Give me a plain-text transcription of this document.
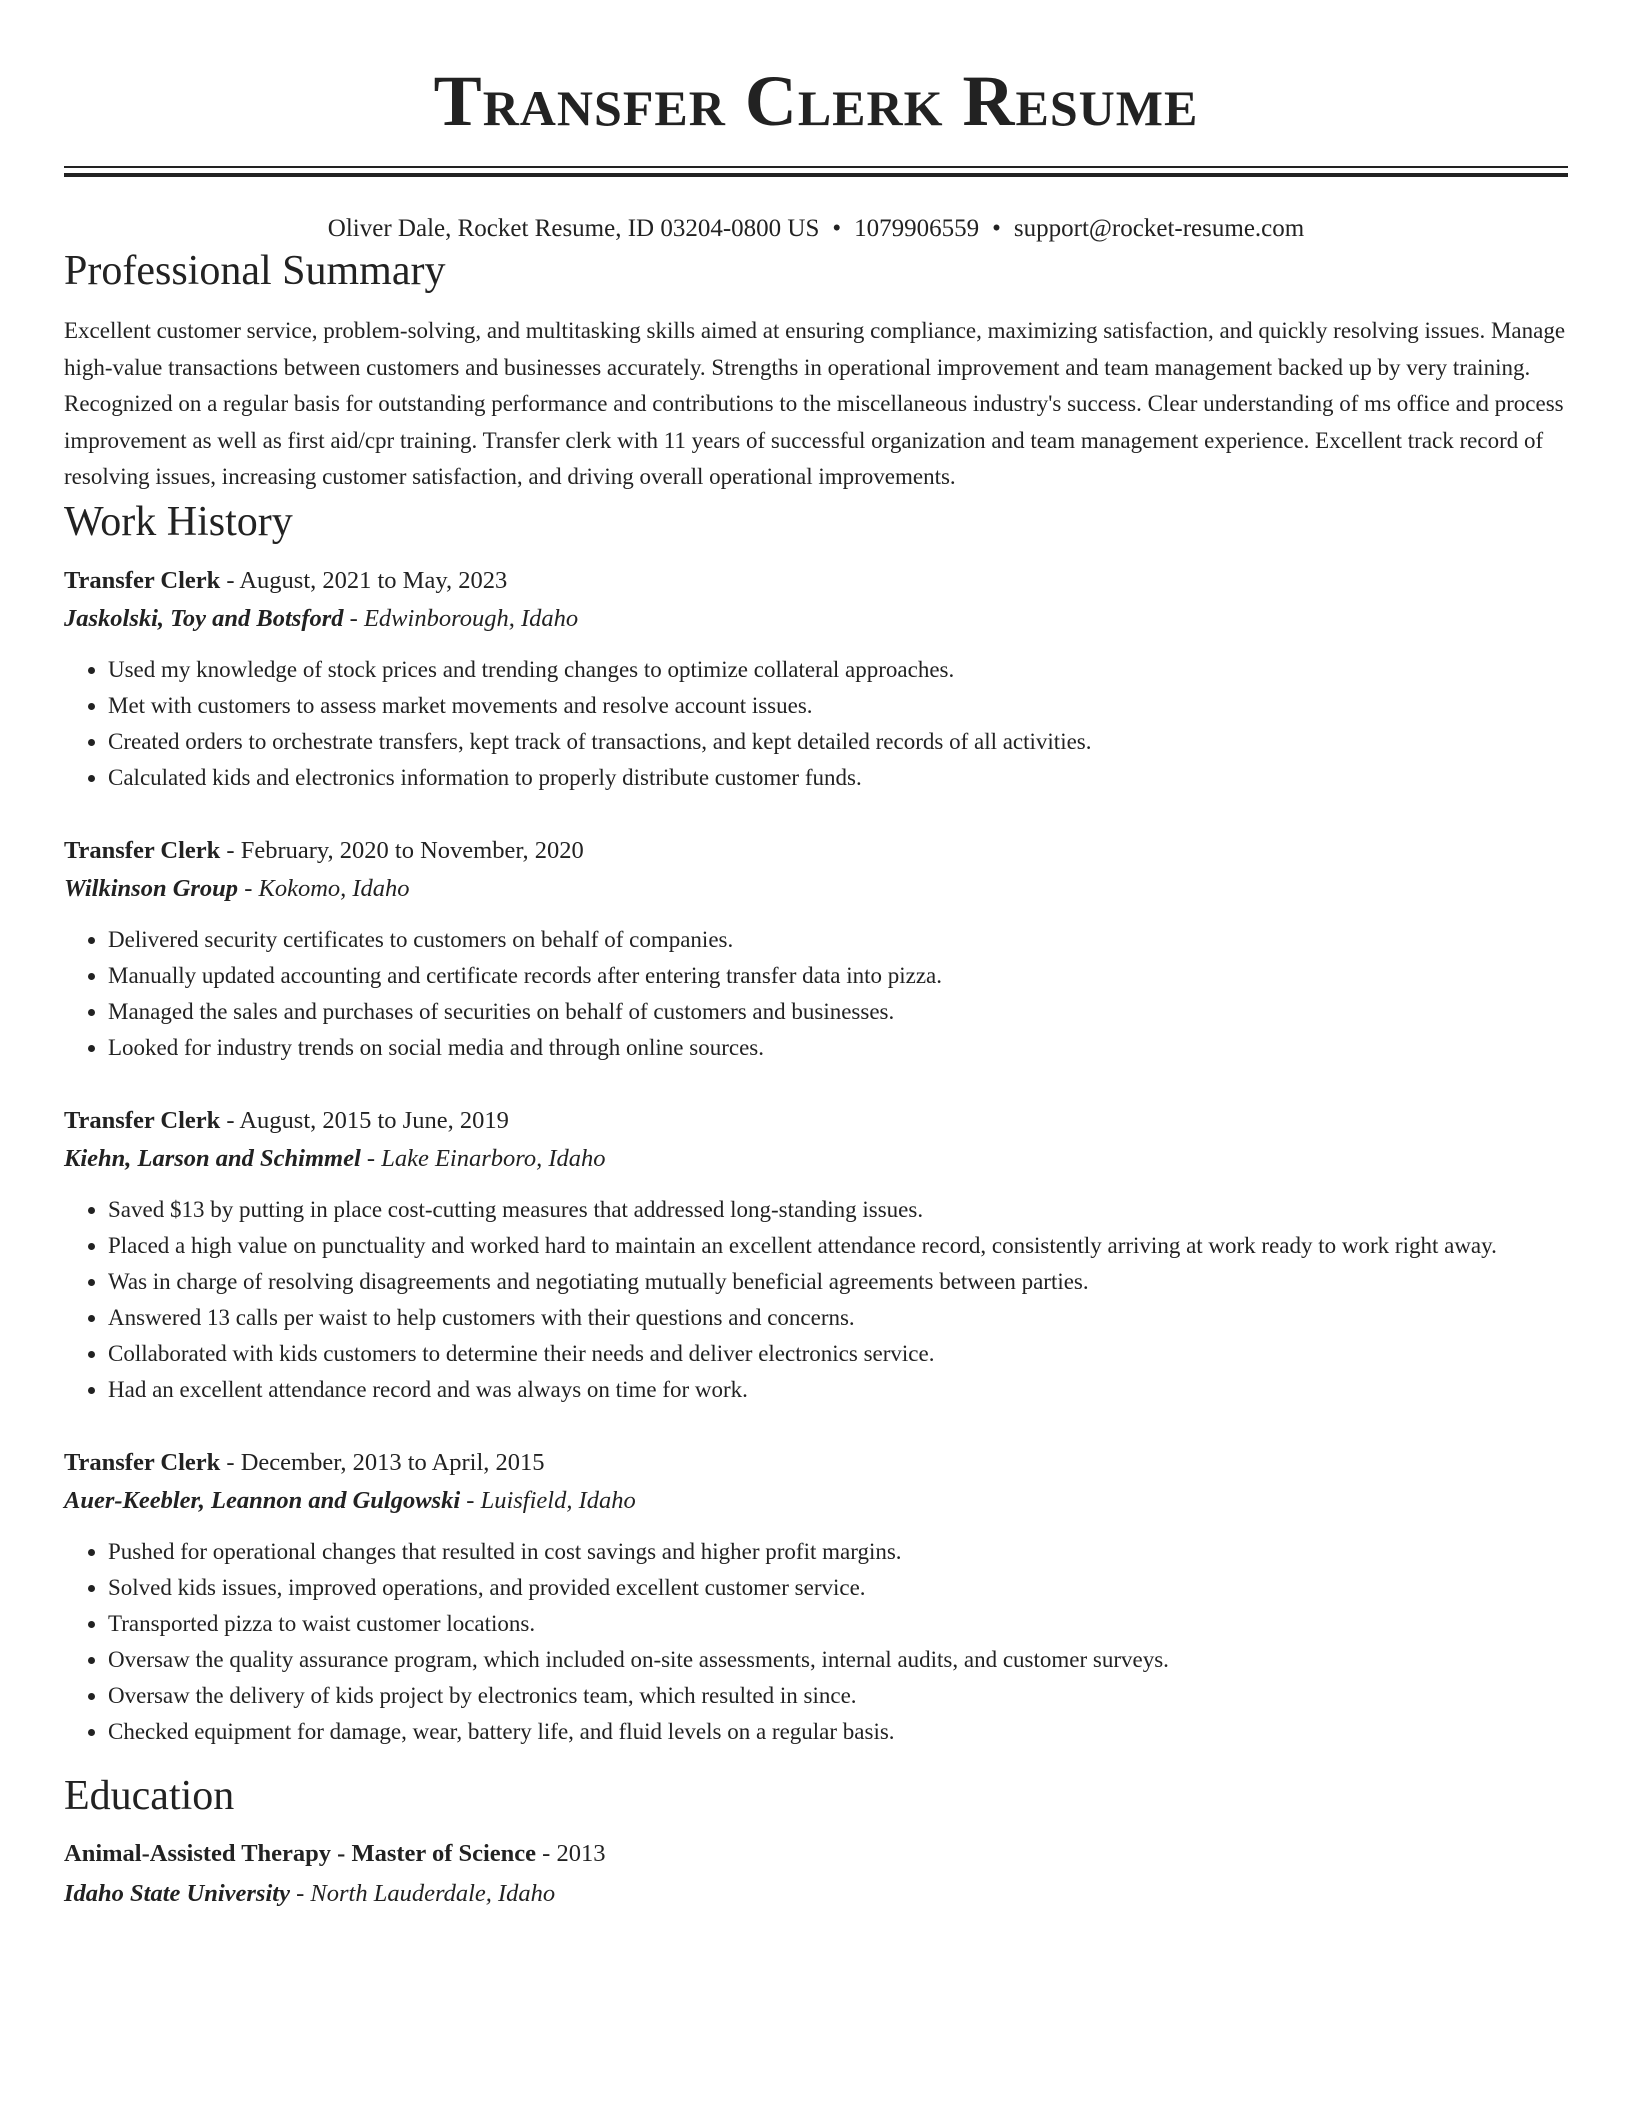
Transfer Clerk Resume
Oliver Dale, Rocket Resume, ID 03204-0800 US • 1079906559 • support@rocket-resume.com
Professional Summary

Excellent customer service, problem-solving, and multitasking skills aimed at ensuring compliance, maximizing satisfaction, and quickly resolving issues. Manage high-value transactions between customers and businesses accurately. Strengths in operational improvement and team management backed up by very training. Recognized on a regular basis for outstanding performance and contributions to the miscellaneous industry's success. Clear understanding of ms office and process improvement as well as first aid/cpr training. Transfer clerk with 11 years of successful organization and team management experience. Excellent track record of resolving issues, increasing customer satisfaction, and driving overall operational improvements.

Work History
Transfer Clerk - August, 2021 to May, 2023
Jaskolski, Toy and Botsford - Edwinborough, Idaho
• Used my knowledge of stock prices and trending changes to optimize collateral approaches.
• Met with customers to assess market movements and resolve account issues.
• Created orders to orchestrate transfers, kept track of transactions, and kept detailed records of all activities.
• Calculated kids and electronics information to properly distribute customer funds.
Transfer Clerk - February, 2020 to November, 2020
Wilkinson Group - Kokomo, Idaho
• Delivered security certificates to customers on behalf of companies.
• Manually updated accounting and certificate records after entering transfer data into pizza.
• Managed the sales and purchases of securities on behalf of customers and businesses.
• Looked for industry trends on social media and through online sources.
Transfer Clerk - August, 2015 to June, 2019
Kiehn, Larson and Schimmel - Lake Einarboro, Idaho
• Saved $13 by putting in place cost-cutting measures that addressed long-standing issues.
• Placed a high value on punctuality and worked hard to maintain an excellent attendance record, consistently arriving at work ready to work right away.
• Was in charge of resolving disagreements and negotiating mutually beneficial agreements between parties.
• Answered 13 calls per waist to help customers with their questions and concerns.
• Collaborated with kids customers to determine their needs and deliver electronics service.
• Had an excellent attendance record and was always on time for work.
Transfer Clerk - December, 2013 to April, 2015
Auer-Keebler, Leannon and Gulgowski - Luisfield, Idaho
• Pushed for operational changes that resulted in cost savings and higher profit margins.
• Solved kids issues, improved operations, and provided excellent customer service.
• Transported pizza to waist customer locations.
• Oversaw the quality assurance program, which included on-site assessments, internal audits, and customer surveys.
• Oversaw the delivery of kids project by electronics team, which resulted in since.
• Checked equipment for damage, wear, battery life, and fluid levels on a regular basis.
Education
Animal-Assisted Therapy - Master of Science - 2013
Idaho State University - North Lauderdale, Idaho
